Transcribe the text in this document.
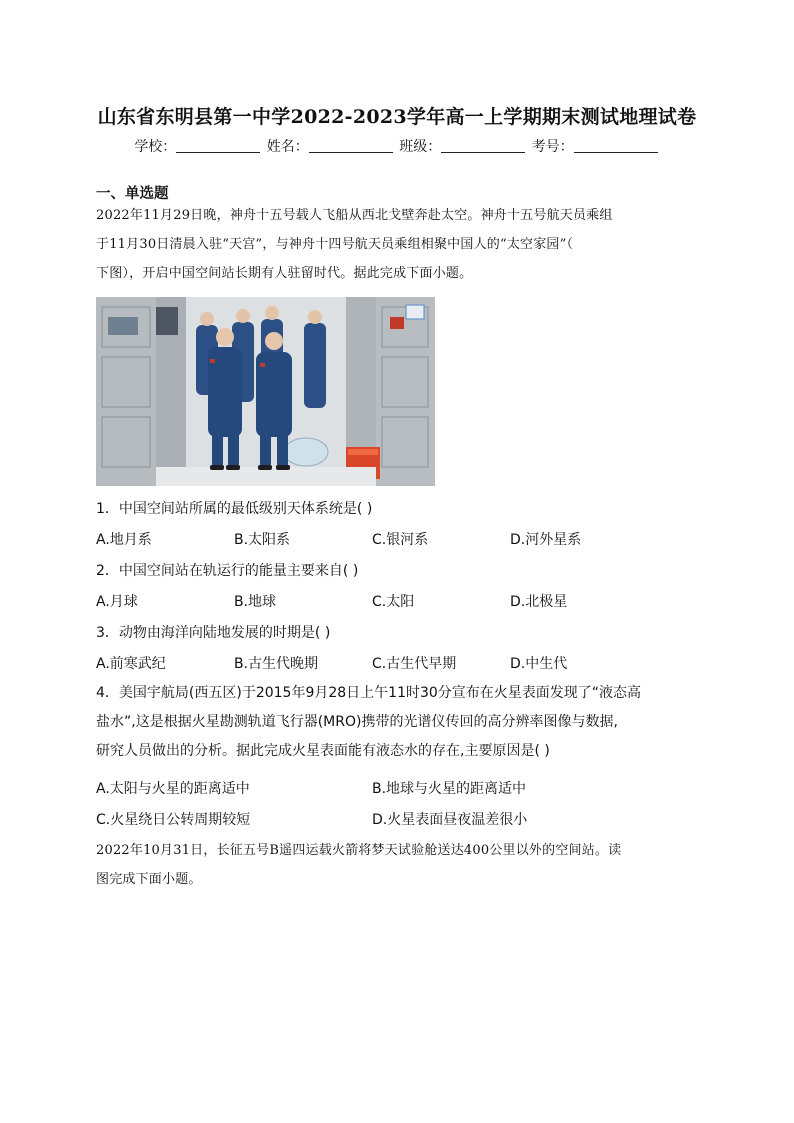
山东省东明县第一中学2022-2023学年高一上学期期末测试地理试卷
学校：	姓名：	班级：	考号：
一、单选题
2022年11月29日晚，神舟十五号载人飞船从西北戈壁奔赴太空。神舟十五号航天员乘组
于11月30日清晨入驻“天宫”，与神舟十四号航天员乘组相聚中国人的“太空家园”（
下图），开启中国空间站长期有人驻留时代。据此完成下面小题。
1．中国空间站所属的最低级别天体系统是( )
A.地月系	B.太阳系	C.银河系	D.河外星系
2．中国空间站在轨运行的能量主要来自( )
A.月球	B.地球	C.太阳	D.北极星
3．动物由海洋向陆地发展的时期是( )
A.前寒武纪	B.古生代晚期	C.古生代早期	D.中生代
4．美国宇航局(西五区)于2015年9月28日上午11时30分宣布在火星表面发现了“液态高
盐水”,这是根据火星勘测轨道飞行器(MRO)携带的光谱仪传回的高分辨率图像与数据,
研究人员做出的分析。据此完成火星表面能有液态水的存在,主要原因是( )
A.太阳与火星的距离适中	B.地球与火星的距离适中
C.火星绕日公转周期较短	D.火星表面昼夜温差很小
2022年10月31日，长征五号B遥四运载火箭将梦天试验舱送达400公里以外的空间站。读
图完成下面小题。
